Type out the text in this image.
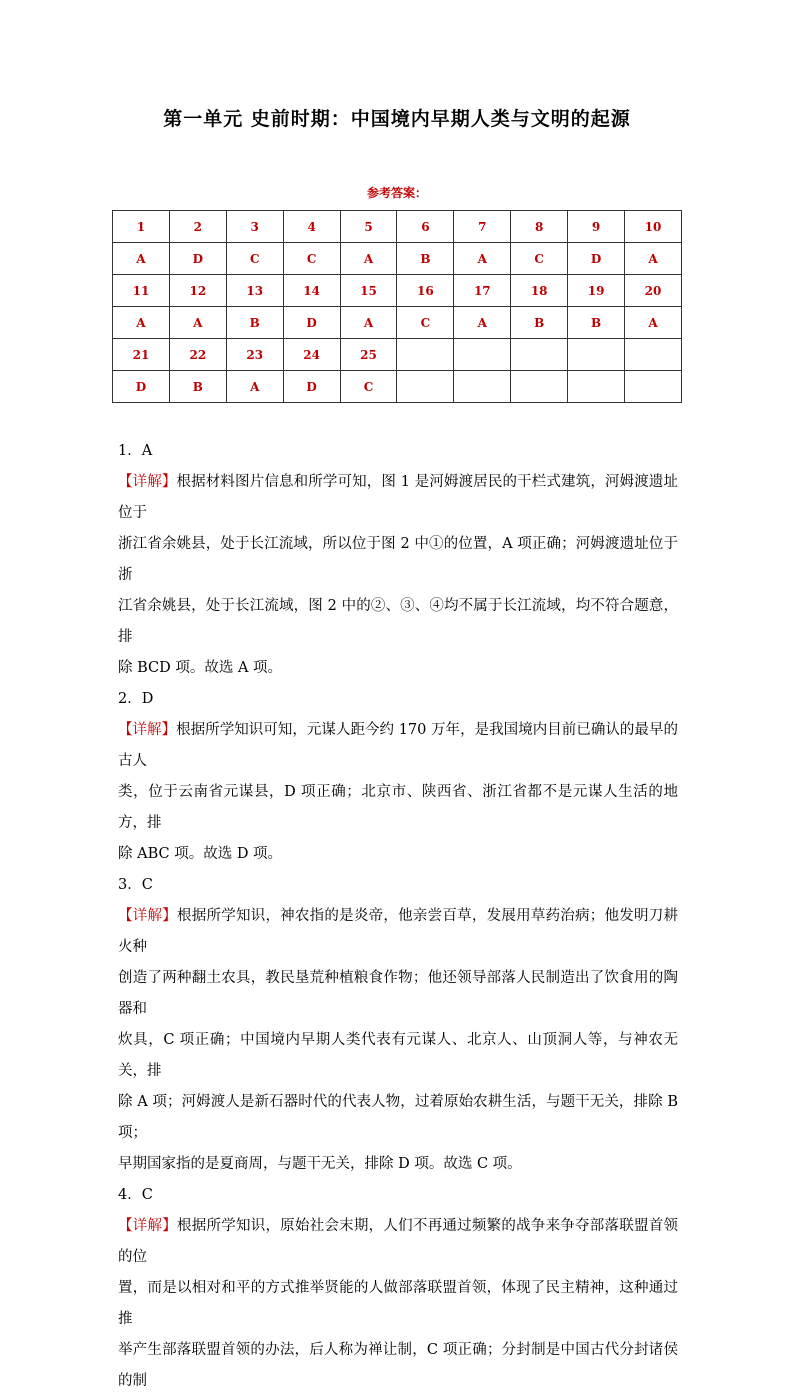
第一单元 史前时期：中国境内早期人类与文明的起源
参考答案：
1	2	3	4	5	6	7	8	9	10
A	D	C	C	A	B	A	C	D	A
11	12	13	14	15	16	17	18	19	20
A	A	B	D	A	C	A	B	B	A
21	22	23	24	25					
D	B	A	D	C					

1．A

【详解】根据材料图片信息和所学可知，图 1 是河姆渡居民的干栏式建筑，河姆渡遗址位于
浙江省余姚县，处于长江流域，所以位于图 2 中①的位置，A 项正确；河姆渡遗址位于浙
江省余姚县，处于长江流域，图 2 中的②、③、④均不属于长江流域，均不符合题意，排
除 BCD 项。故选 A 项。

2．D

【详解】根据所学知识可知，元谋人距今约 170 万年，是我国境内目前已确认的最早的古人
类，位于云南省元谋县，D 项正确；北京市、陕西省、浙江省都不是元谋人生活的地方，排
除 ABC 项。故选 D 项。

3．C

【详解】根据所学知识，神农指的是炎帝，他亲尝百草，发展用草药治病；他发明刀耕火种
创造了两种翻土农具，教民垦荒种植粮食作物；他还领导部落人民制造出了饮食用的陶器和
炊具，C 项正确；中国境内早期人类代表有元谋人、北京人、山顶洞人等，与神农无关，排
除 A 项；河姆渡人是新石器时代的代表人物，过着原始农耕生活，与题干无关，排除 B 项；
早期国家指的是夏商周，与题干无关，排除 D 项。故选 C 项。

4．C

【详解】根据所学知识，原始社会末期，人们不再通过频繁的战争来争夺部落联盟首领的位
置，而是以相对和平的方式推举贤能的人做部落联盟首领，体现了民主精神，这种通过推
举产生部落联盟首领的办法，后人称为禅让制，C 项正确；分封制是中国古代分封诸侯的制
